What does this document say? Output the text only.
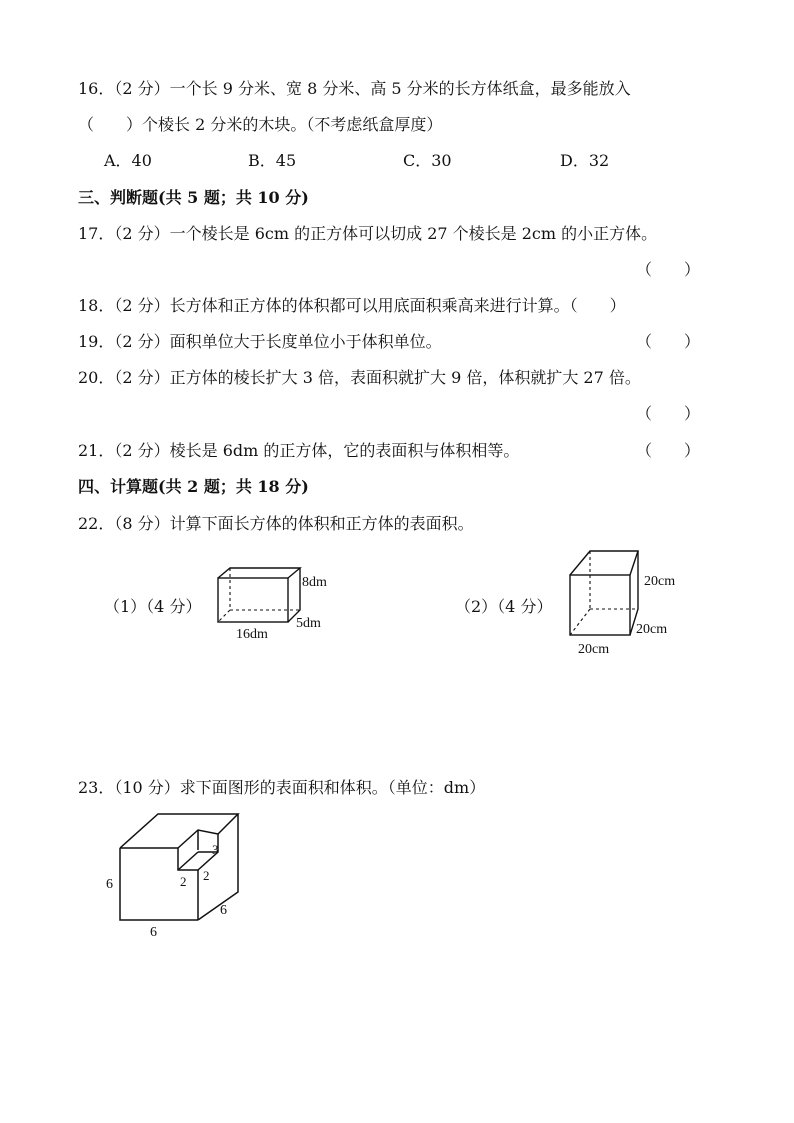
16．（2 分）一个长 9 分米、宽 8 分米、高 5 分米的长方体纸盒，最多能放入
（　　）个棱长 2 分米的木块。（不考虑纸盒厚度）
A．40	B．45	C．30	D．32
三、判断题(共 5 题；共 10 分)
17．（2 分）一个棱长是 6cm 的正方体可以切成 27 个棱长是 2cm 的小正方体。
（　　）
18．（2 分）长方体和正方体的体积都可以用底面积乘高来进行计算。（　　）
19．（2 分）面积单位大于长度单位小于体积单位。	（　　）
20．（2 分）正方体的棱长扩大 3 倍，表面积就扩大 9 倍，体积就扩大 27 倍。
（　　）
21．（2 分）棱长是 6dm 的正方体，它的表面积与体积相等。	（　　）
四、计算题(共 2 题；共 18 分)
22．（8 分）计算下面长方体的体积和正方体的表面积。
（1）（4 分）	（2）（4 分）
8dm
5dm
16dm
20cm
20cm
20cm
23．（10 分）求下面图形的表面积和体积。（单位：dm）
6
6
6
3
2 2
